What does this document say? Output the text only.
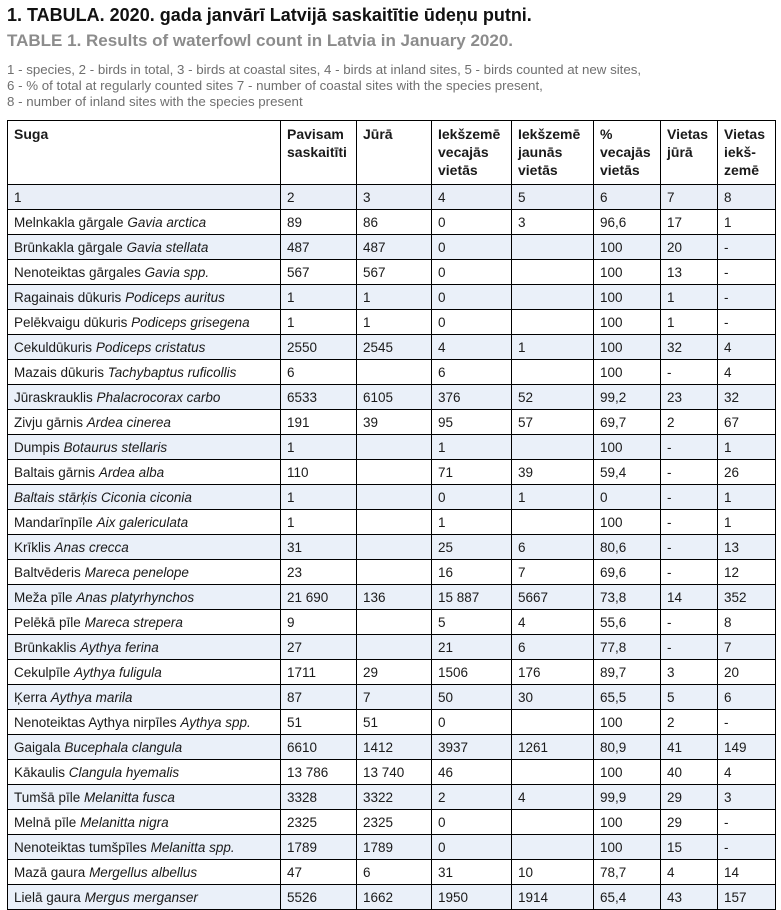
1. TABULA. 2020. gada janvārī Latvijā saskaitītie ūdeņu putni.
TABLE 1. Results of waterfowl count in Latvia in January 2020.
1 - species, 2 - birds in total, 3 - birds at coastal sites, 4 - birds at inland sites, 5 - birds counted at new sites,
6 - % of total at regularly counted sites 7 - number of coastal sites with the species present,
8 - number of inland sites with the species present
Suga	Pavisam saskaitīti	Jūrā	Iekšzemē vecajās vietās	Iekšzemē jaunās vietās	% vecajās vietās	Vietas jūrā	Vietas iekš-zemē
1	2	3	4	5	6	7	8
Melnkakla gārgale Gavia arctica	89	86	0	3	96,6	17	1
Brūnkakla gārgale Gavia stellata	487	487	0		100	20	-
Nenoteiktas gārgales Gavia spp.	567	567	0		100	13	-
Ragainais dūkuris Podiceps auritus	1	1	0		100	1	-
Pelēkvaigu dūkuris Podiceps grisegena	1	1	0		100	1	-
Cekuldūkuris Podiceps cristatus	2550	2545	4	1	100	32	4
Mazais dūkuris Tachybaptus ruficollis	6		6		100	-	4
Jūraskrauklis Phalacrocorax carbo	6533	6105	376	52	99,2	23	32
Zivju gārnis Ardea cinerea	191	39	95	57	69,7	2	67
Dumpis Botaurus stellaris	1		1		100	-	1
Baltais gārnis Ardea alba	110		71	39	59,4	-	26
Baltais stārķis Ciconia ciconia	1		0	1	0	-	1
Mandarīnpīle Aix galericulata	1		1		100	-	1
Krīklis Anas crecca	31		25	6	80,6	-	13
Baltvēderis Mareca penelope	23		16	7	69,6	-	12
Meža pīle Anas platyrhynchos	21 690	136	15 887	5667	73,8	14	352
Pelēkā pīle Mareca strepera	9		5	4	55,6	-	8
Brūnkaklis Aythya ferina	27		21	6	77,8	-	7
Cekulpīle Aythya fuligula	1711	29	1506	176	89,7	3	20
Ķerra Aythya marila	87	7	50	30	65,5	5	6
Nenoteiktas Aythya nirpīles Aythya spp.	51	51	0		100	2	-
Gaigala Bucephala clangula	6610	1412	3937	1261	80,9	41	149
Kākaulis Clangula hyemalis	13 786	13 740	46		100	40	4
Tumšā pīle Melanitta fusca	3328	3322	2	4	99,9	29	3
Melnā pīle Melanitta nigra	2325	2325	0		100	29	-
Nenoteiktas tumšpīles Melanitta spp.	1789	1789	0		100	15	-
Mazā gaura Mergellus albellus	47	6	31	10	78,7	4	14
Lielā gaura Mergus merganser	5526	1662	1950	1914	65,4	43	157
